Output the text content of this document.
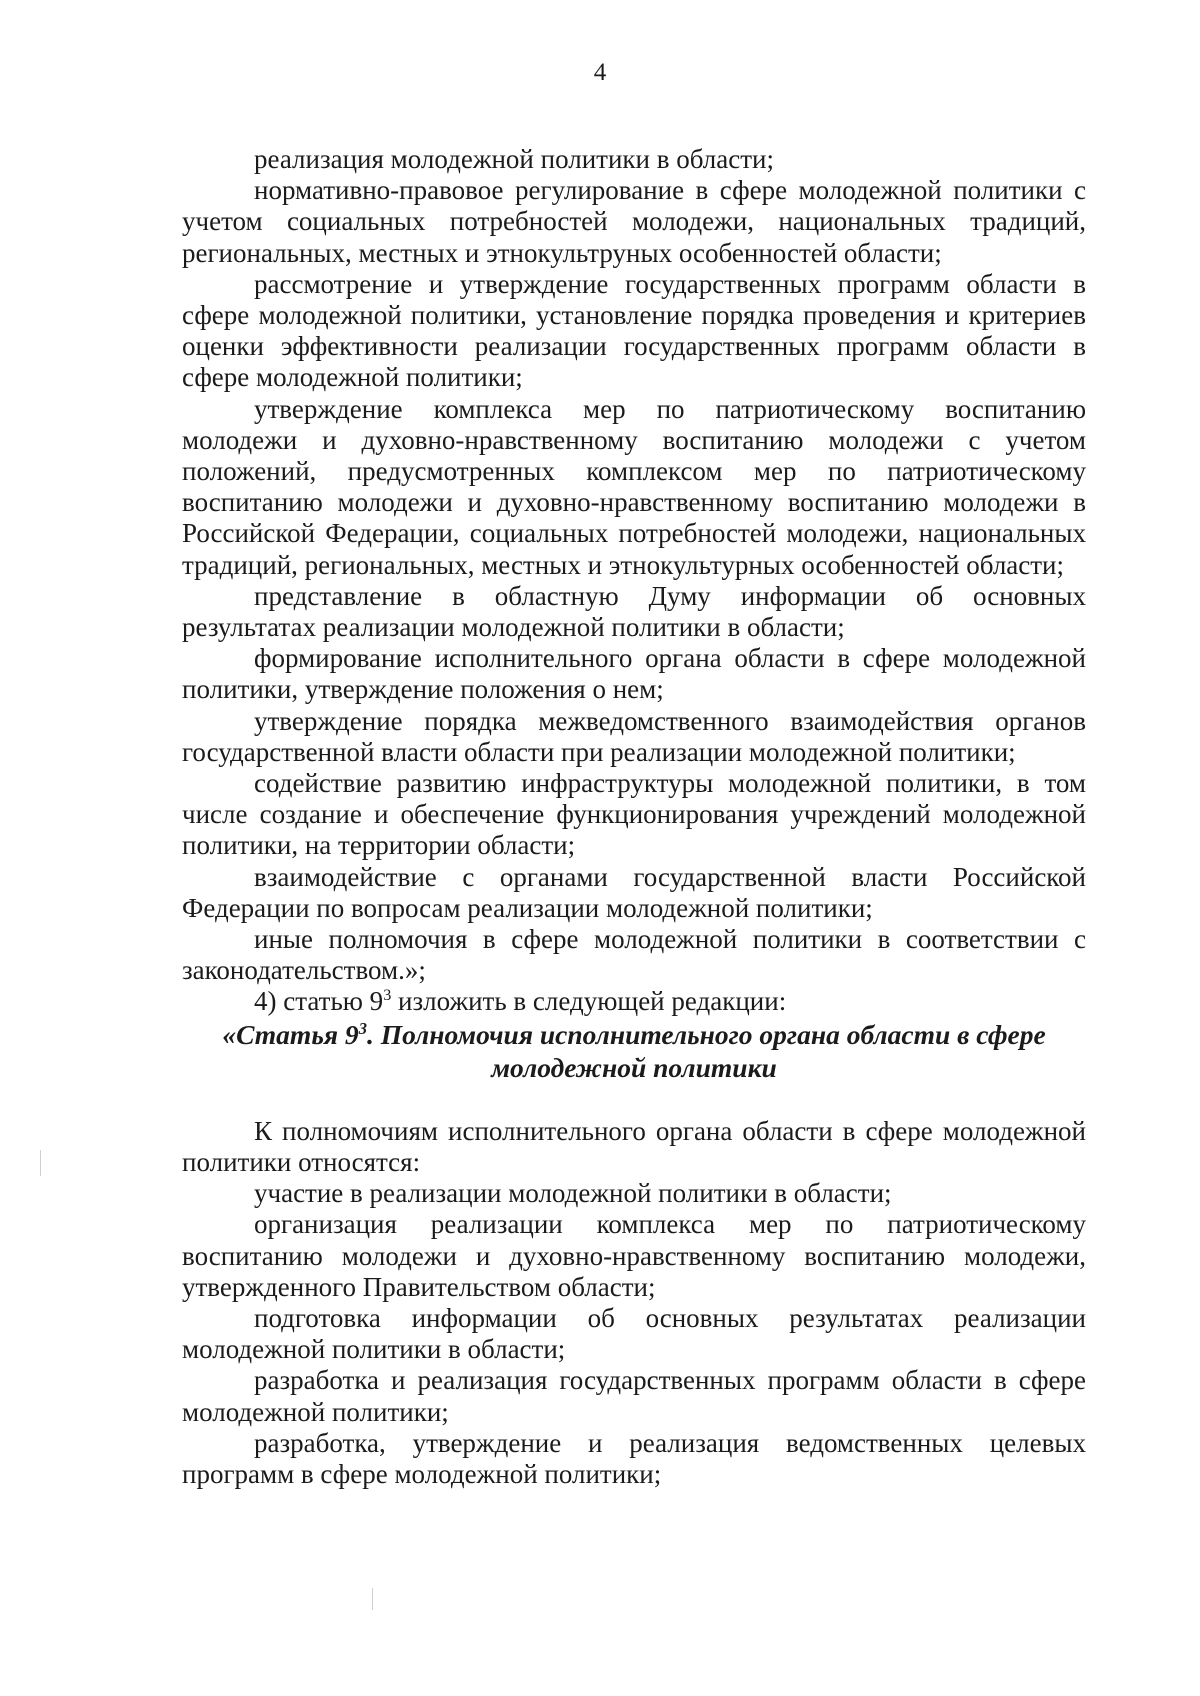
4

реализация молодежной политики в области;

нормативно-правовое регулирование в сфере молодежной политики с учетом социальных потребностей молодежи, национальных традиций, региональных, местных и этнокультруных особенностей области;

рассмотрение и утверждение государственных программ области в сфере молодежной политики, установление порядка проведения и критериев оценки эффективности реализации государственных программ области в сфере молодежной политики;

утверждение комплекса мер по патриотическому воспитанию молодежи и духовно-нравственному воспитанию молодежи с учетом положений, предусмотренных комплексом мер по патриотическому воспитанию молодежи и духовно-нравственному воспитанию молодежи в Российской Федерации, социальных потребностей молодежи, национальных традиций, региональных, местных и этнокультурных особенностей области;

представление в областную Думу информации об основных результатах реализации молодежной политики в области;

формирование исполнительного органа области в сфере молодежной политики, утверждение положения о нем;

утверждение порядка межведомственного взаимодействия органов государственной власти области при реализации молодежной политики;

содействие развитию инфраструктуры молодежной политики, в том числе создание и обеспечение функционирования учреждений молодежной политики, на территории области;

взаимодействие с органами государственной власти Российской Федерации по вопросам реализации молодежной политики;

иные полномочия в сфере молодежной политики в соответствии с законодательством.»;

4) статью $9^3$ изложить в следующей редакции:

«Статья $9^3$. Полномочия исполнительного органа области в сфере
молодежной политики

К полномочиям исполнительного органа области в сфере молодежной политики относятся:

участие в реализации молодежной политики в области;

организация реализации комплекса мер по патриотическому воспитанию молодежи и духовно-нравственному воспитанию молодежи, утвержденного Правительством области;

подготовка информации об основных результатах реализации молодежной политики в области;

разработка и реализация государственных программ области в сфере молодежной политики;

разработка, утверждение и реализация ведомственных целевых программ в сфере молодежной политики;
